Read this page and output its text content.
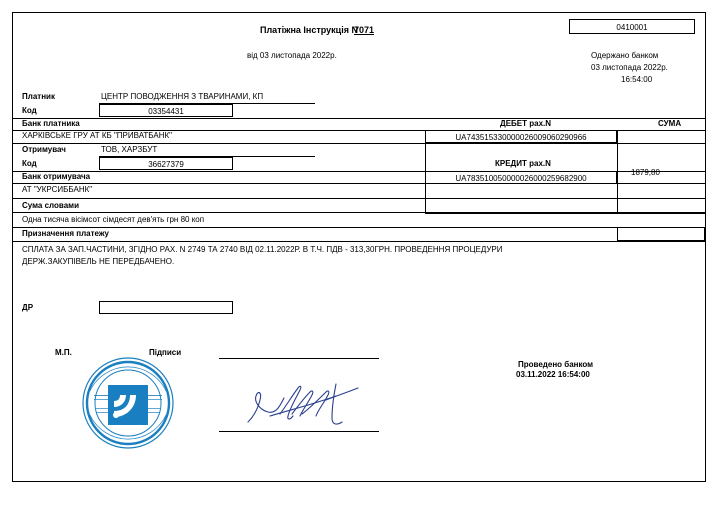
Платіжна Інструкція N
7071
від 03 листопада 2022р.
0410001
Одержано банком
03 листопада 2022р.
16:54:00
Платник	ЦЕНТР ПОВОДЖЕННЯ З ТВАРИНАМИ, КП
Код	03354431
Банк платника
ХАРКІВСЬКЕ ГРУ АТ КБ "ПРИВАТБАНК"
Отримувач	ТОВ, ХАРЗБУТ
Код	36627379
Банк отримувача
АТ "УКРСИББАНК"
ДЕБЕТ рах.N	СУМА
UA743515330000026009060290966
КРЕДИТ рах.N
UA783510050000026000259682900
1879,80
Сума словами
Одна тисяча вісімсот сімдесят дев'ять грн 80 коп
Призначення платежу
СПЛАТА ЗА ЗАП.ЧАСТИНИ, ЗГІДНО РАХ. N 2749 ТА 2740 ВІД 02.11.2022Р. В Т.Ч. ПДВ - 313,30ГРН. ПРОВЕДЕННЯ ПРОЦЕДУРИ
ДЕРЖ.ЗАКУПІВЕЛЬ НЕ ПЕРЕДБАЧЕНО.
ДР
М.П.	Підписи
Проведено банком
03.11.2022 16:54:00
